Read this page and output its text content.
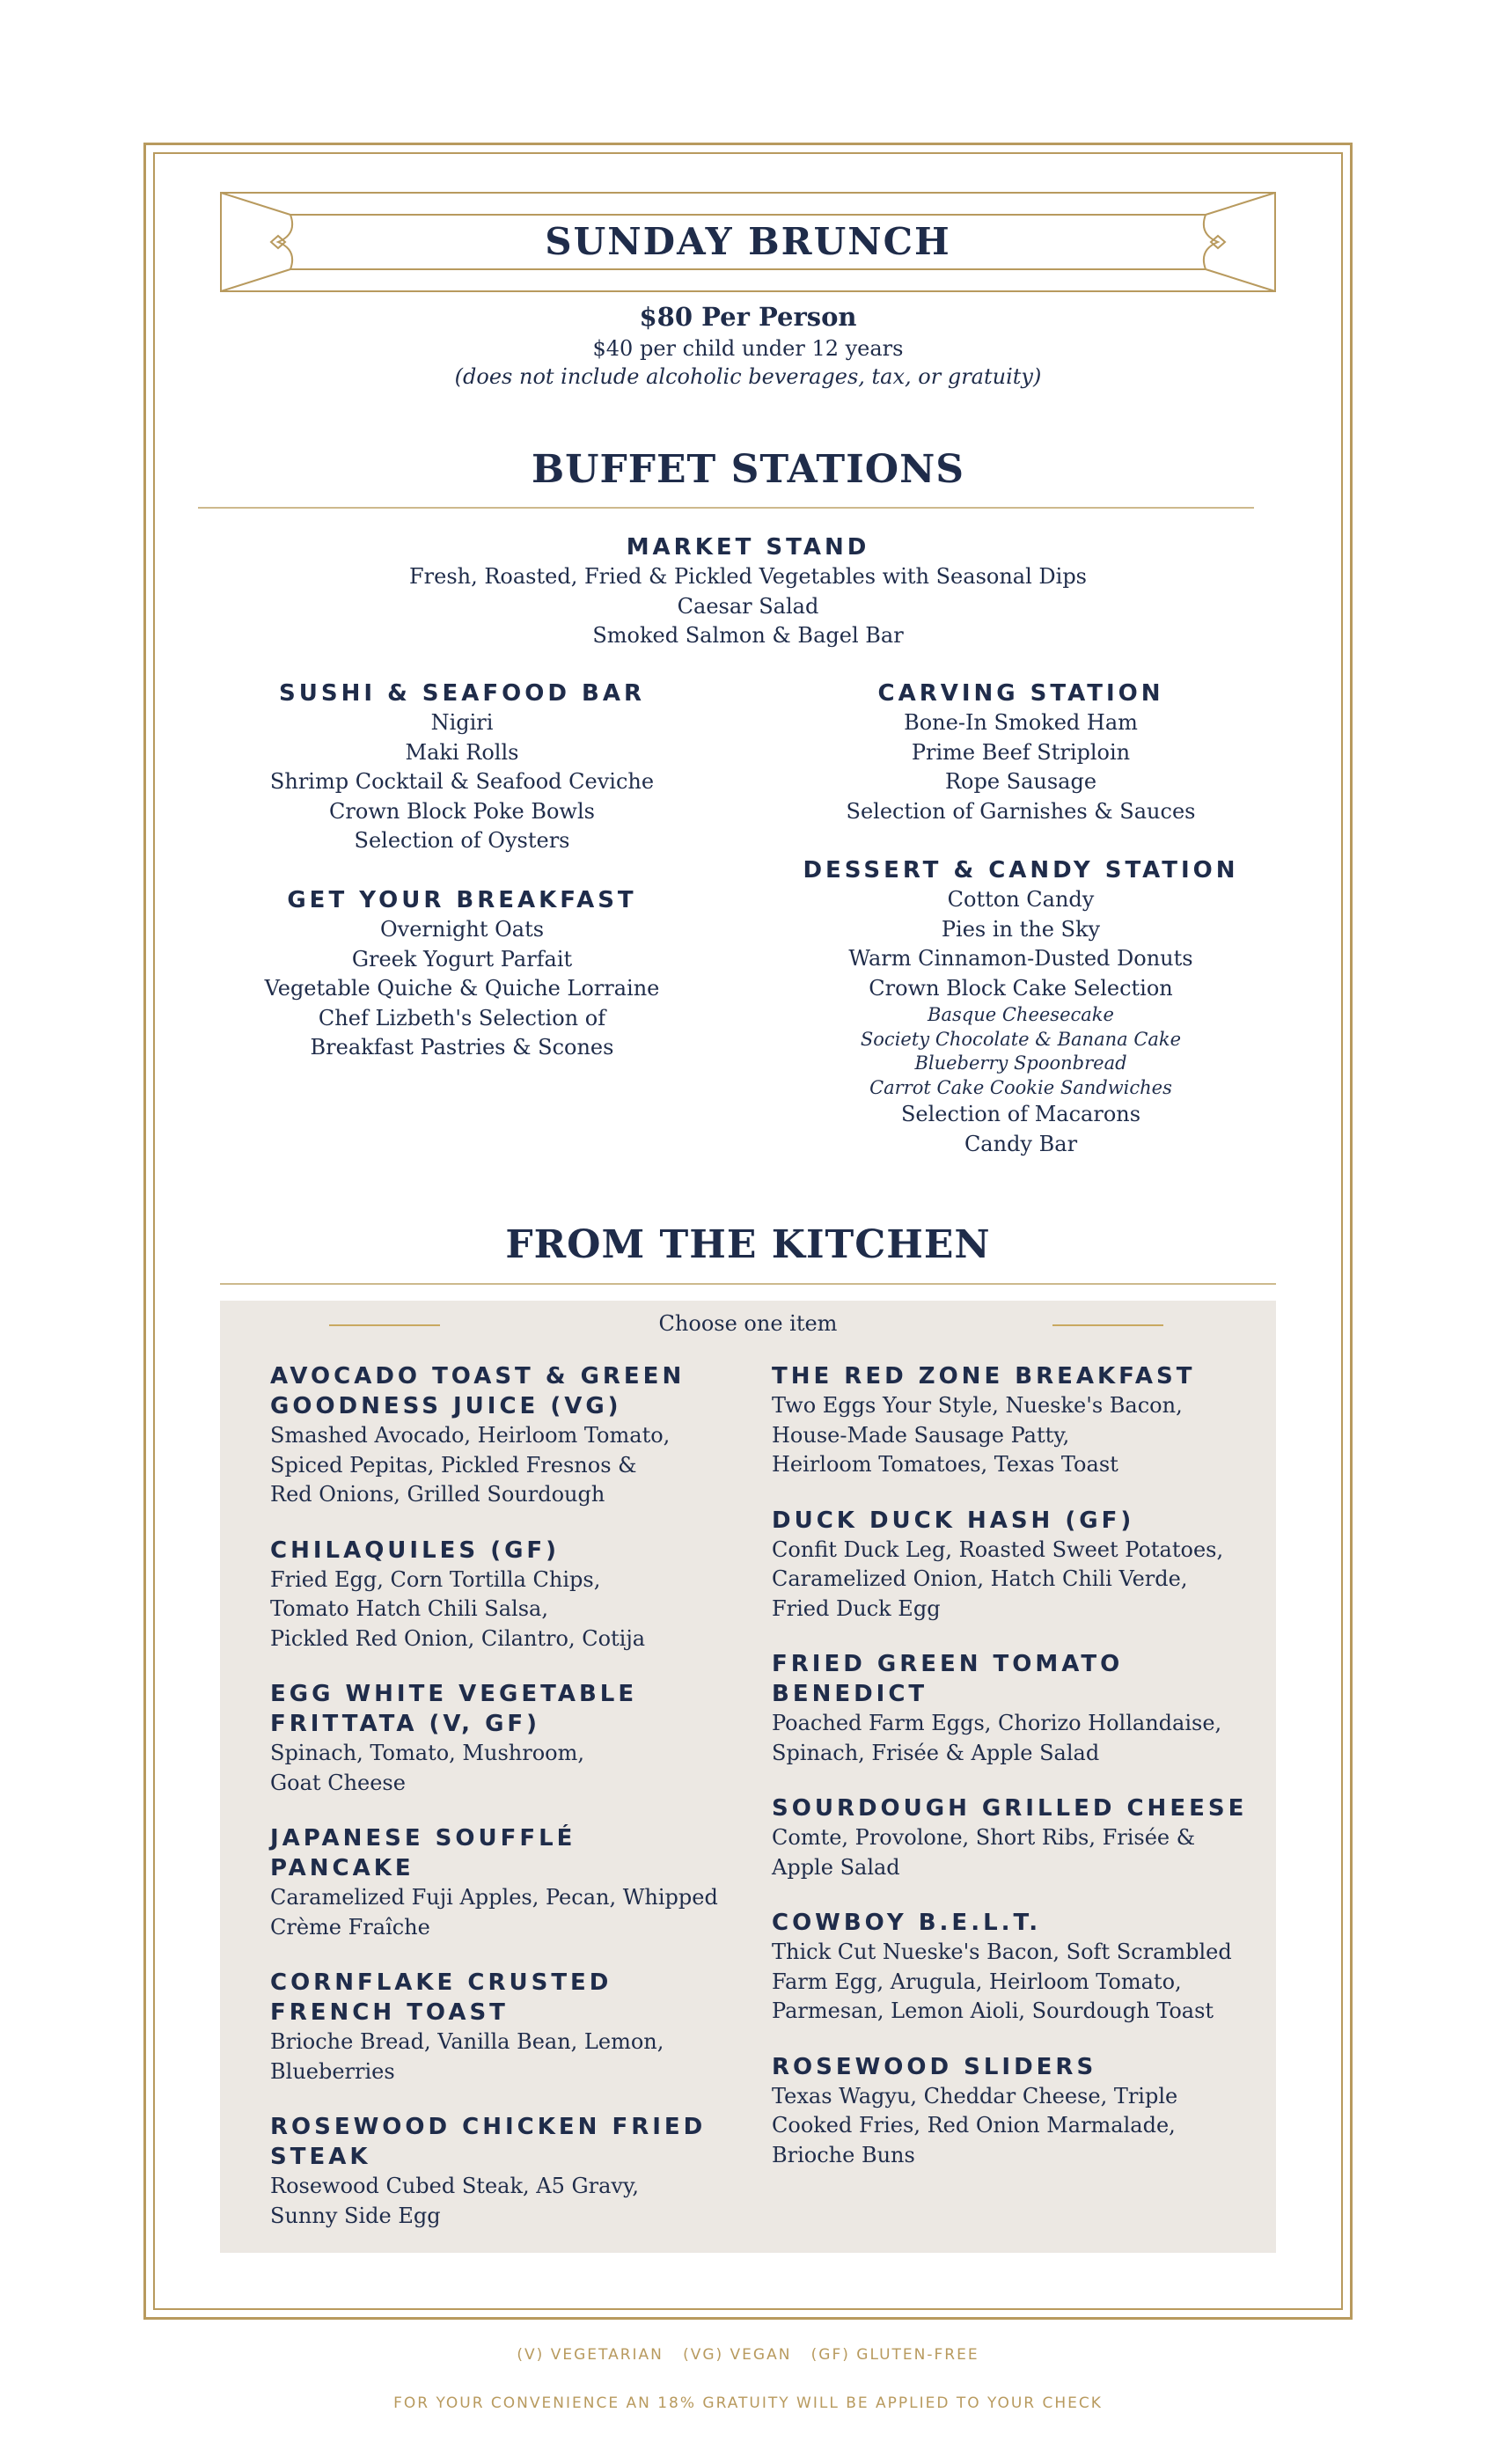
SUNDAY BRUNCH
$80 Per Person
$40 per child under 12 years
(does not include alcoholic beverages, tax, or gratuity)
BUFFET STATIONS
MARKET STAND
Fresh, Roasted, Fried & Pickled Vegetables with Seasonal Dips
Caesar Salad
Smoked Salmon & Bagel Bar
SUSHI & SEAFOOD BAR
Nigiri
Maki Rolls
Shrimp Cocktail & Seafood Ceviche
Crown Block Poke Bowls
Selection of Oysters
GET YOUR BREAKFAST
Overnight Oats
Greek Yogurt Parfait
Vegetable Quiche & Quiche Lorraine
Chef Lizbeth's Selection of
Breakfast Pastries & Scones
CARVING STATION
Bone-In Smoked Ham
Prime Beef Striploin
Rope Sausage
Selection of Garnishes & Sauces
DESSERT & CANDY STATION
Cotton Candy
Pies in the Sky
Warm Cinnamon-Dusted Donuts
Crown Block Cake Selection
Basque Cheesecake
Society Chocolate & Banana Cake
Blueberry Spoonbread
Carrot Cake Cookie Sandwiches
Selection of Macarons
Candy Bar
FROM THE KITCHEN
Choose one item
AVOCADO TOAST & GREEN
GOODNESS JUICE (VG)
Smashed Avocado, Heirloom Tomato,
Spiced Pepitas, Pickled Fresnos &
Red Onions, Grilled Sourdough
CHILAQUILES (GF)
Fried Egg, Corn Tortilla Chips,
Tomato Hatch Chili Salsa,
Pickled Red Onion, Cilantro, Cotija
EGG WHITE VEGETABLE
FRITTATA (V, GF)
Spinach, Tomato, Mushroom,
Goat Cheese
JAPANESE SOUFFLÉ PANCAKE
Caramelized Fuji Apples, Pecan, Whipped
Crème Fraîche
CORNFLAKE CRUSTED
FRENCH TOAST
Brioche Bread, Vanilla Bean, Lemon,
Blueberries
ROSEWOOD CHICKEN FRIED
STEAK
Rosewood Cubed Steak, A5 Gravy,
Sunny Side Egg
THE RED ZONE BREAKFAST
Two Eggs Your Style, Nueske's Bacon,
House-Made Sausage Patty,
Heirloom Tomatoes, Texas Toast
DUCK DUCK HASH (GF)
Confit Duck Leg, Roasted Sweet Potatoes,
Caramelized Onion, Hatch Chili Verde,
Fried Duck Egg
FRIED GREEN TOMATO
BENEDICT
Poached Farm Eggs, Chorizo Hollandaise,
Spinach, Frisée & Apple Salad
SOURDOUGH GRILLED CHEESE
Comte, Provolone, Short Ribs, Frisée &
Apple Salad
COWBOY B.E.L.T.
Thick Cut Nueske's Bacon, Soft Scrambled
Farm Egg, Arugula, Heirloom Tomato,
Parmesan, Lemon Aioli, Sourdough Toast
ROSEWOOD SLIDERS
Texas Wagyu, Cheddar Cheese, Triple
Cooked Fries, Red Onion Marmalade,
Brioche Buns
(V) VEGETARIAN   (VG) VEGAN   (GF) GLUTEN-FREE
FOR YOUR CONVENIENCE AN 18% GRATUITY WILL BE APPLIED TO YOUR CHECK
